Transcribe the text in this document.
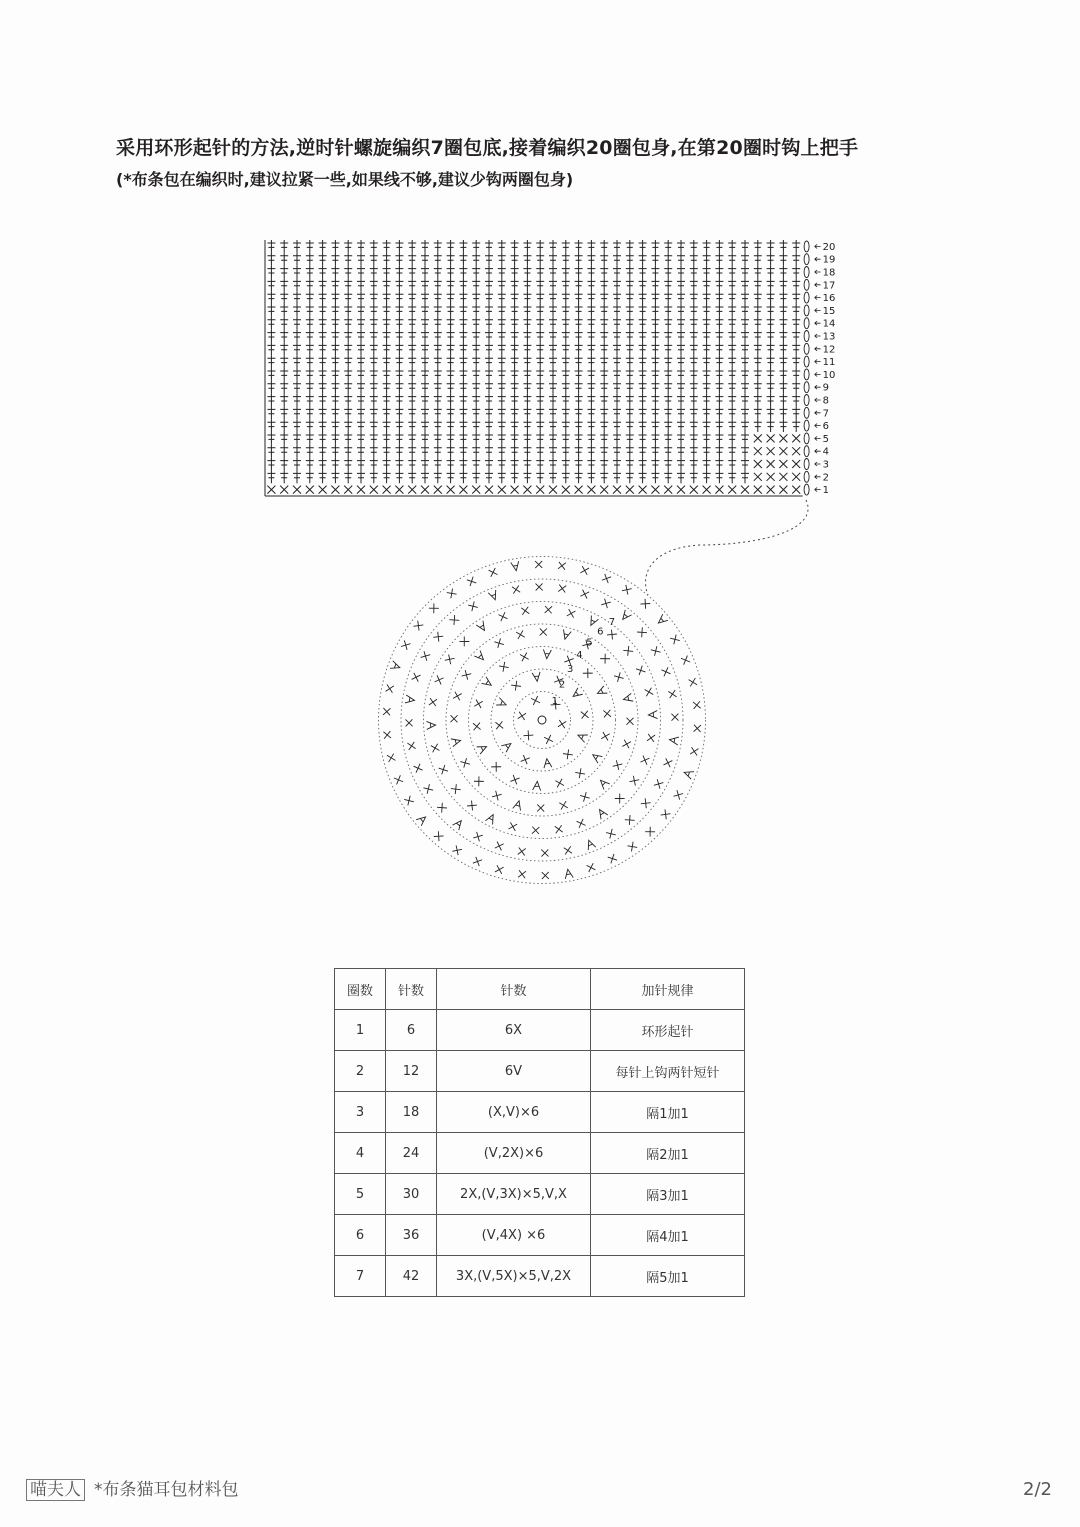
采用环形起针的方法,逆时针螺旋编织7圈包底,接着编织20圈包身,在第20圈时钩上把手
(*布条包在编织时,建议拉紧一些,如果线不够,建议少钩两圈包身)
20
19
18
17
16
15
14
13
12
11
10
9
8
7
6
5
4
3
2
1
1
2
3
4
5
6
7
圈数	针数	针数	加针规律
1	6	6X	环形起针
2	12	6V	每针上钩两针短针
3	18	(X,V)×6	隔1加1
4	24	(V,2X)×6	隔2加1
5	30	2X,(V,3X)×5,V,X	隔3加1
6	36	(V,4X) ×6	隔4加1
7	42	3X,(V,5X)×5,V,2X	隔5加1
喵夫人 *布条猫耳包材料包	2/2
